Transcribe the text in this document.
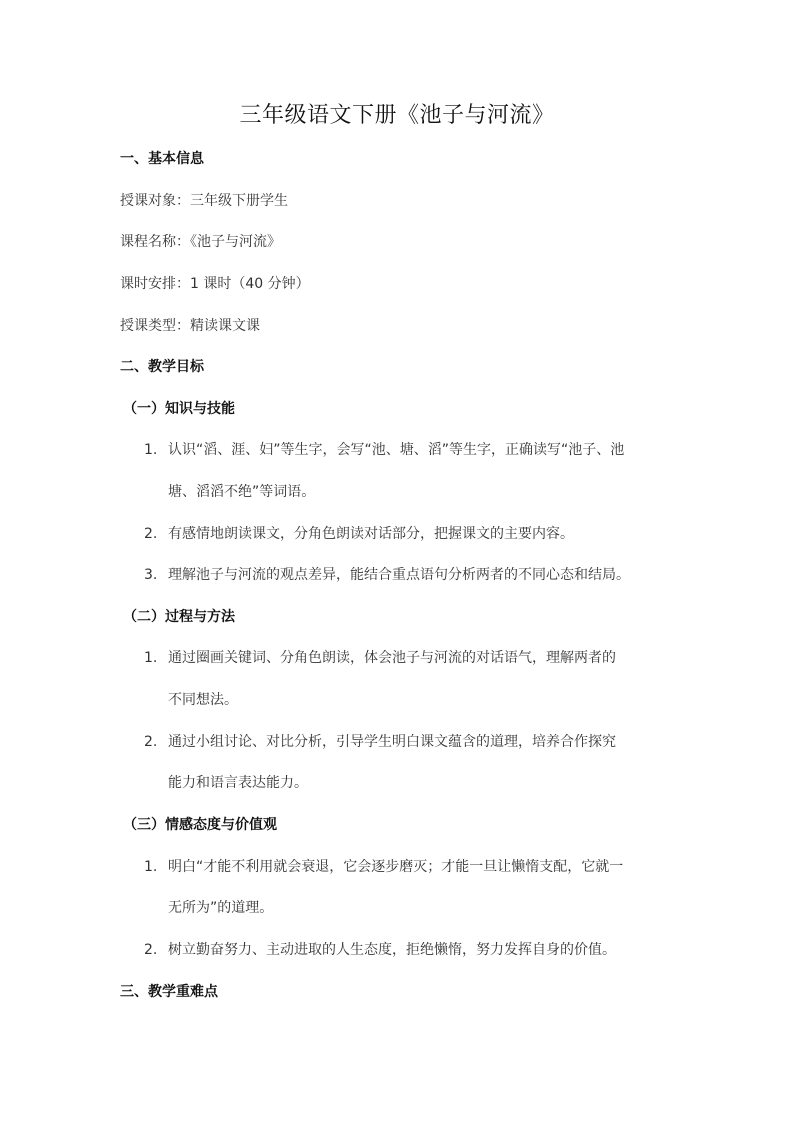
三年级语文下册《池子与河流》
一、基本信息
授课对象：三年级下册学生
课程名称：《池子与河流》
课时安排：1 课时（40 分钟）
授课类型：精读课文课
二、教学目标
（一）知识与技能
1. 认识“滔、涯、妇”等生字，会写“池、塘、滔”等生字，正确读写“池子、池
塘、滔滔不绝”等词语。
2. 有感情地朗读课文，分角色朗读对话部分，把握课文的主要内容。
3. 理解池子与河流的观点差异，能结合重点语句分析两者的不同心态和结局。
（二）过程与方法
1. 通过圈画关键词、分角色朗读，体会池子与河流的对话语气，理解两者的
不同想法。
2. 通过小组讨论、对比分析，引导学生明白课文蕴含的道理，培养合作探究
能力和语言表达能力。
（三）情感态度与价值观
1. 明白“才能不利用就会衰退，它会逐步磨灭；才能一旦让懒惰支配，它就一
无所为”的道理。
2. 树立勤奋努力、主动进取的人生态度，拒绝懒惰，努力发挥自身的价值。
三、教学重难点
